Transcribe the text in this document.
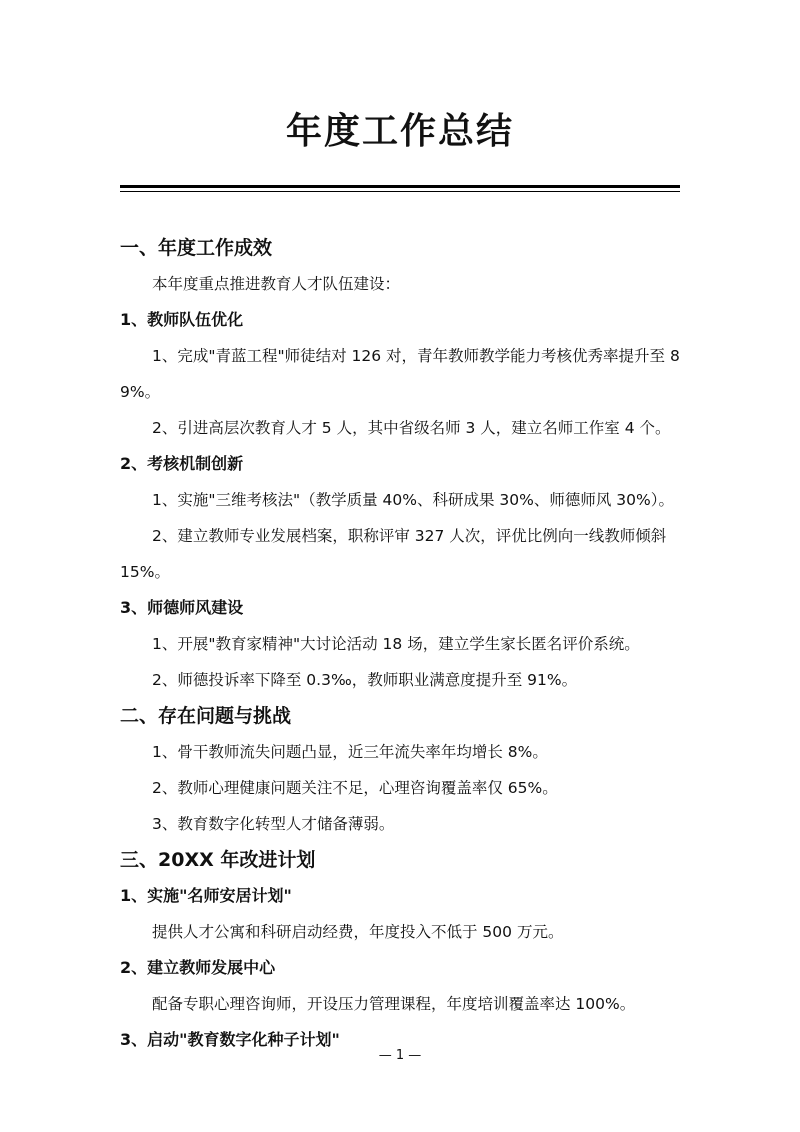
年度工作总结

一、年度工作成效

本年度重点推进教育人才队伍建设：

1、教师队伍优化

1、完成"青蓝工程"师徒结对 126 对，青年教师教学能力考核优秀率提升至 89%。

2、引进高层次教育人才 5 人，其中省级名师 3 人，建立名师工作室 4 个。

2、考核机制创新

1、实施"三维考核法"（教学质量 40%、科研成果 30%、师德师风 30%）。

2、建立教师专业发展档案，职称评审 327 人次，评优比例向一线教师倾斜 15%。

3、师德师风建设

1、开展"教育家精神"大讨论活动 18 场，建立学生家长匿名评价系统。

2、师德投诉率下降至 0.3‰，教师职业满意度提升至 91%。

二、存在问题与挑战

1、骨干教师流失问题凸显，近三年流失率年均增长 8%。

2、教师心理健康问题关注不足，心理咨询覆盖率仅 65%。

3、教育数字化转型人才储备薄弱。

三、20XX 年改进计划

1、实施"名师安居计划"

提供人才公寓和科研启动经费，年度投入不低于 500 万元。

2、建立教师发展中心

配备专职心理咨询师，开设压力管理课程，年度培训覆盖率达 100%。

3、启动"教育数字化种子计划"

— 1 —
